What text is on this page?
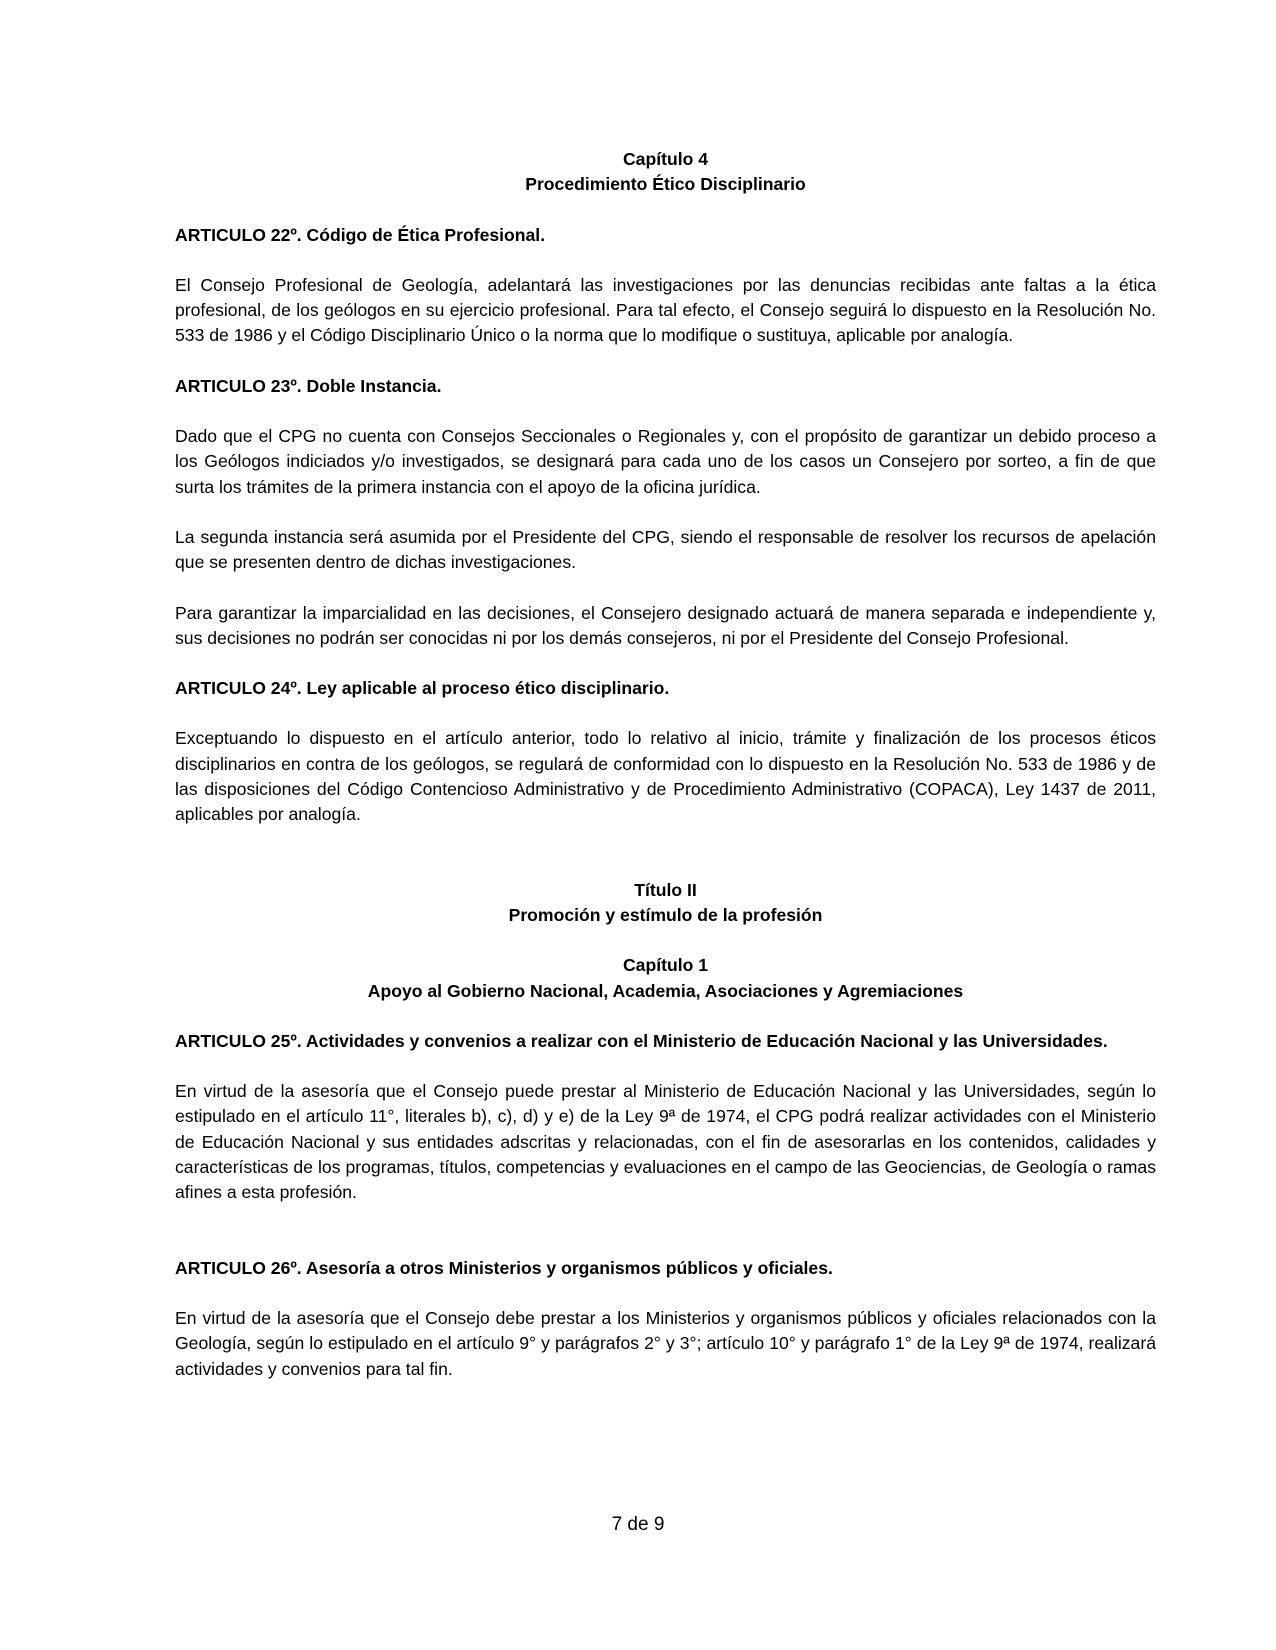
Capítulo 4
Procedimiento Ético Disciplinario
ARTICULO 22º. Código de Ética Profesional.

El Consejo Profesional de Geología, adelantará las investigaciones por las denuncias recibidas ante faltas a la ética profesional, de los geólogos en su ejercicio profesional. Para tal efecto, el Consejo seguirá lo dispuesto en la Resolución No. 533 de 1986 y el Código Disciplinario Único o la norma que lo modifique o sustituya, aplicable por analogía.

ARTICULO 23º. Doble Instancia.

Dado que el CPG no cuenta con Consejos Seccionales o Regionales y, con el propósito de garantizar un debido proceso a los Geólogos indiciados y/o investigados, se designará para cada uno de los casos un Consejero por sorteo, a fin de que surta los trámites de la primera instancia con el apoyo de la oficina jurídica.

La segunda instancia será asumida por el Presidente del CPG, siendo el responsable de resolver los recursos de apelación que se presenten dentro de dichas investigaciones.

Para garantizar la imparcialidad en las decisiones, el Consejero designado actuará de manera separada e independiente y, sus decisiones no podrán ser conocidas ni por los demás consejeros, ni por el Presidente del Consejo Profesional.

ARTICULO 24º. Ley aplicable al proceso ético disciplinario.

Exceptuando lo dispuesto en el artículo anterior, todo lo relativo al inicio, trámite y finalización de los procesos éticos disciplinarios en contra de los geólogos, se regulará de conformidad con lo dispuesto en la Resolución No. 533 de 1986 y de las disposiciones del Código Contencioso Administrativo y de Procedimiento Administrativo (COPACA), Ley 1437 de 2011, aplicables por analogía.

Título II
Promoción y estímulo de la profesión
Capítulo 1
Apoyo al Gobierno Nacional, Academia, Asociaciones y Agremiaciones
ARTICULO 25º. Actividades y convenios a realizar con el Ministerio de Educación Nacional y las Universidades.

En virtud de la asesoría que el Consejo puede prestar al Ministerio de Educación Nacional y las Universidades, según lo estipulado en el artículo 11°, literales b), c), d) y e) de la Ley 9ª de 1974, el CPG podrá realizar actividades con el Ministerio de Educación Nacional y sus entidades adscritas y relacionadas, con el fin de asesorarlas en los contenidos, calidades y características de los programas, títulos, competencias y evaluaciones en el campo de las Geociencias, de Geología o ramas afines a esta profesión.

ARTICULO 26º. Asesoría a otros Ministerios y organismos públicos y oficiales.

En virtud de la asesoría que el Consejo debe prestar a los Ministerios y organismos públicos y oficiales relacionados con la Geología, según lo estipulado en el artículo 9° y parágrafos 2° y 3°; artículo 10° y parágrafo 1° de la Ley 9ª de 1974, realizará actividades y convenios para tal fin.

7 de 9
